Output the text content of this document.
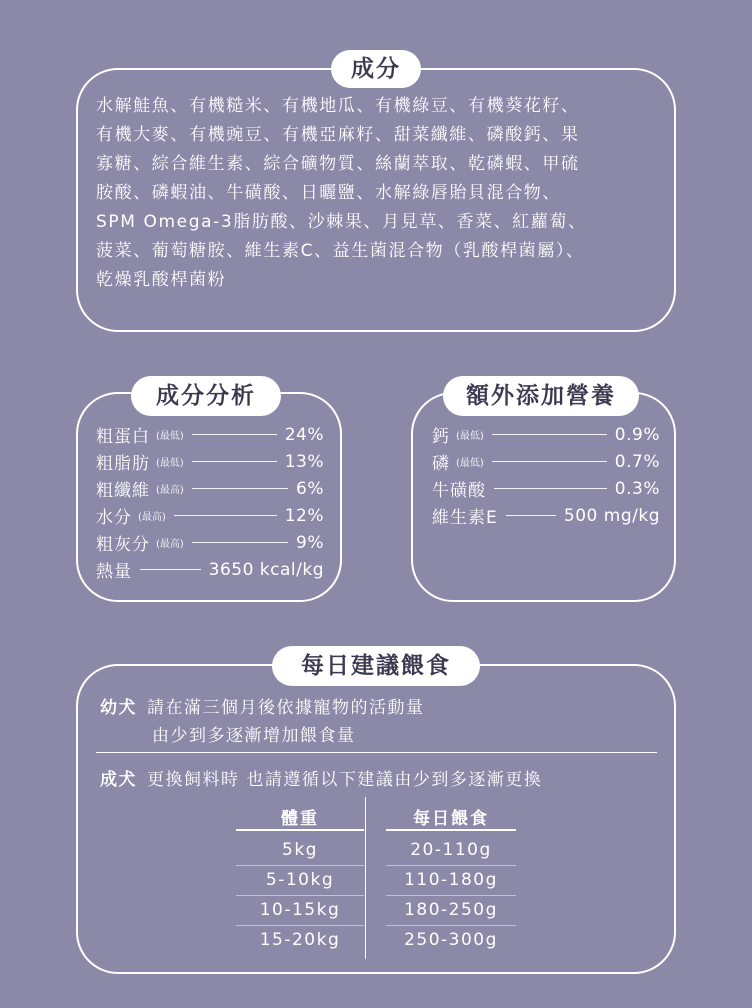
成分
水解鮭魚、有機糙米、有機地瓜、有機綠豆、有機葵花籽、
有機大麥、有機豌豆、有機亞麻籽、甜菜纖維、磷酸鈣、果
寡糖、綜合維生素、綜合礦物質、絲蘭萃取、乾磷蝦、甲硫
胺酸、磷蝦油、牛磺酸、日曬鹽、水解綠唇貽貝混合物、
SPM Omega-3脂肪酸、沙棘果、月見草、香菜、紅蘿蔔、
菠菜、葡萄糖胺、維生素C、益生菌混合物（乳酸桿菌屬）、
乾燥乳酸桿菌粉
成分分析
粗蛋白 (最低)	24%
粗脂肪 (最低)	13%
粗纖維 (最高)	6%
水分 (最高)	12%
粗灰分 (最高)	9%
熱量	3650 kcal/kg
額外添加營養
鈣 (最低)	0.9%
磷 (最低)	0.7%
牛磺酸	0.3%
維生素E	500 mg/kg
每日建議餵食
幼犬 請在滿三個月後依據寵物的活動量
由少到多逐漸增加餵食量
成犬 更換飼料時 也請遵循以下建議由少到多逐漸更換
體重	每日餵食
5kg	20-110g
5-10kg	110-180g
10-15kg	180-250g
15-20kg	250-300g
